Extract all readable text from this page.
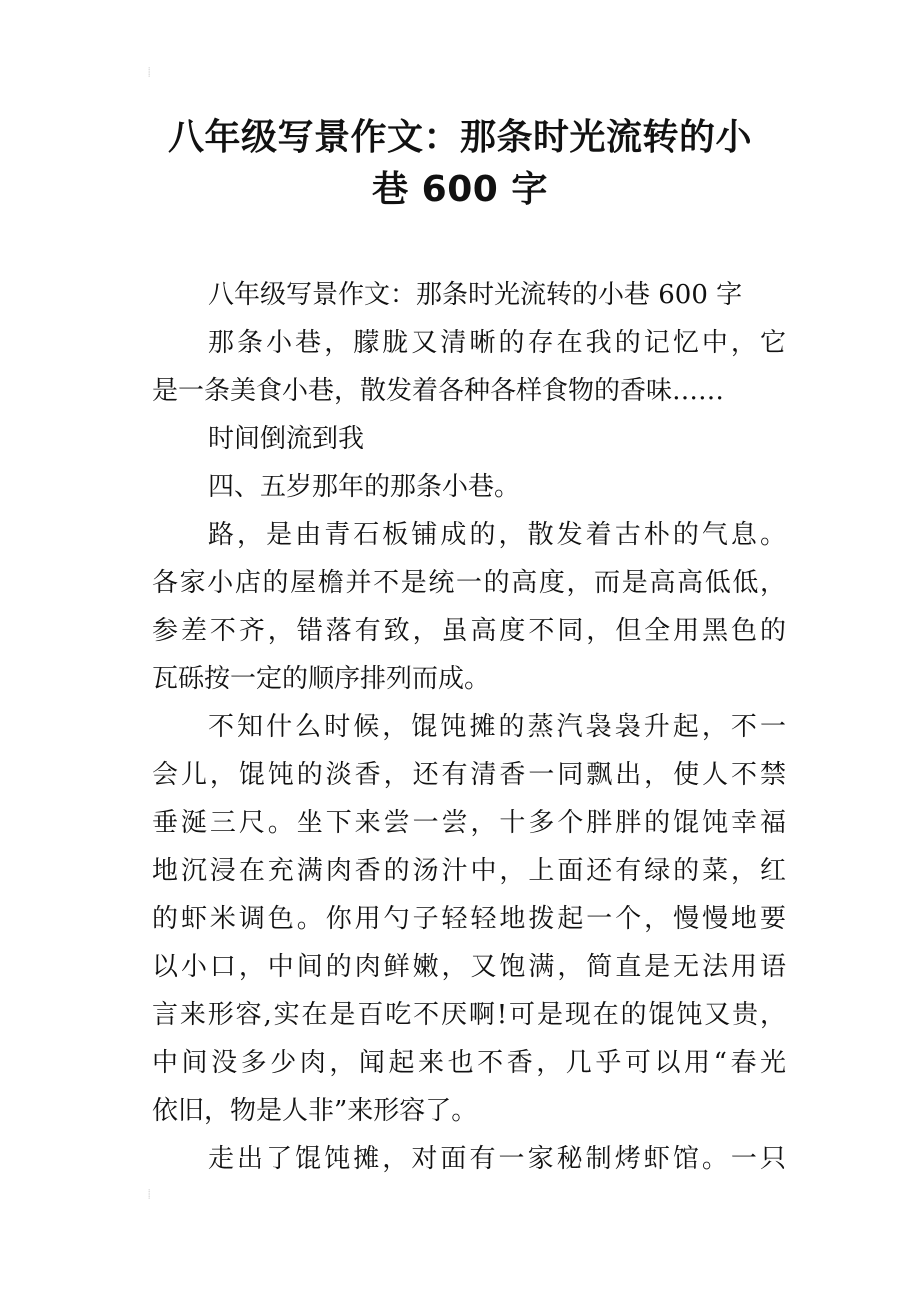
⸽
⸽
八年级写景作文：那条时光流转的小
巷 600 字
八年级写景作文：那条时光流转的小巷 600 字
那条小巷，朦胧又清晰的存在我的记忆中，它
是一条美食小巷，散发着各种各样食物的香味……
时间倒流到我
四、五岁那年的那条小巷。
路，是由青石板铺成的，散发着古朴的气息。
各家小店的屋檐并不是统一的高度，而是高高低低，
参差不齐，错落有致，虽高度不同，但全用黑色的
瓦砾按一定的顺序排列而成。
不知什么时候，馄饨摊的蒸汽袅袅升起，不一
会儿，馄饨的淡香，还有清香一同飘出，使人不禁
垂涎三尺。坐下来尝一尝，十多个胖胖的馄饨幸福
地沉浸在充满肉香的汤汁中，上面还有绿的菜，红
的虾米调色。你用勺子轻轻地拨起一个，慢慢地要
以小口，中间的肉鲜嫩，又饱满，简直是无法用语
言来形容,实在是百吃不厌啊!可是现在的馄饨又贵，
中间没多少肉，闻起来也不香，几乎可以用“春光
依旧，物是人非”来形容了。
走出了馄饨摊，对面有一家秘制烤虾馆。一只
